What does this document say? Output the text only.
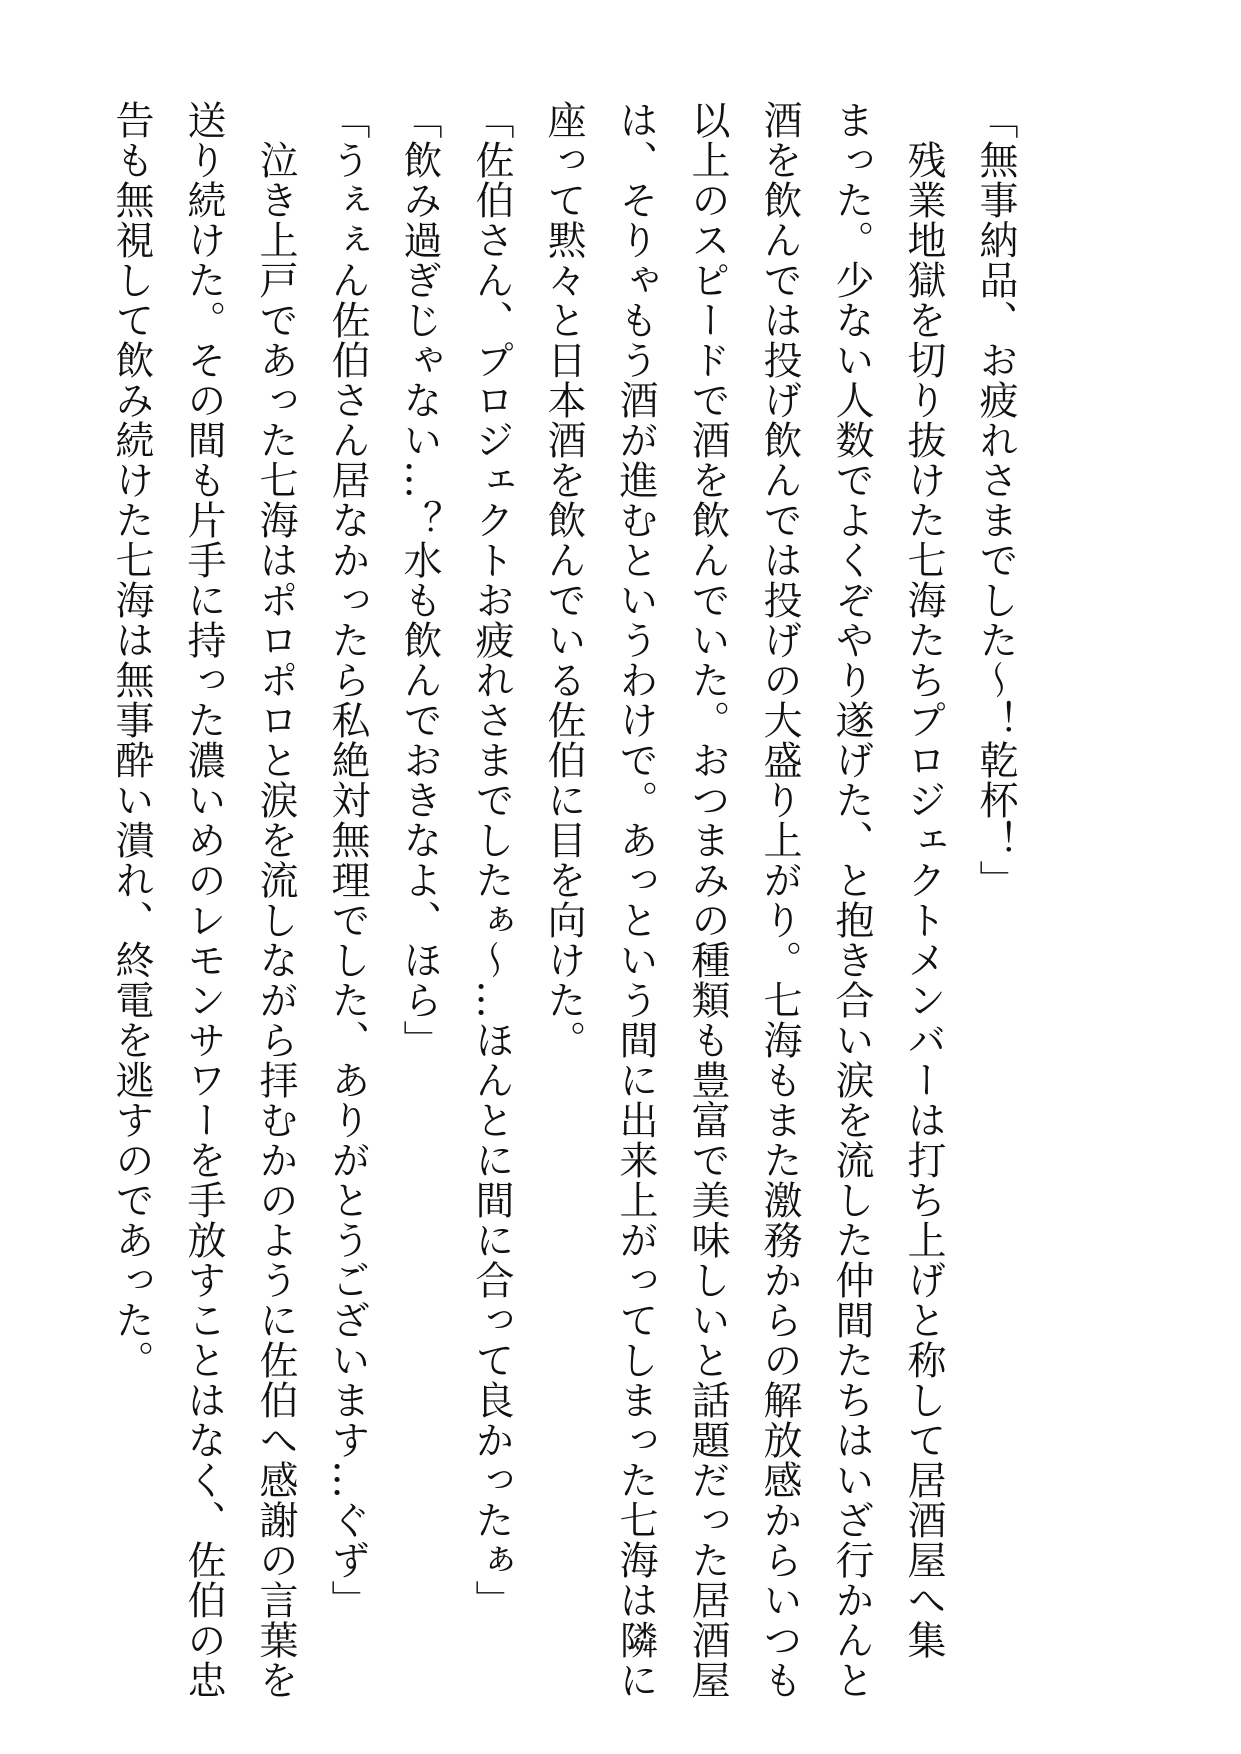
「無事納品、お疲れさまでした～！乾杯！」

　残業地獄を切り抜けた七海たちプロジェクトメンバーは打ち上げと称して居酒屋へ集

まった。少ない人数でよくぞやり遂げた、と抱き合い涙を流した仲間たちはいざ行かんと

酒を飲んでは投げ飲んでは投げの大盛り上がり。七海もまた激務からの解放感からいつも

以上のスピードで酒を飲んでいた。おつまみの種類も豊富で美味しいと話題だった居酒屋

は、そりゃもう酒が進むというわけで。あっという間に出来上がってしまった七海は隣に

座って黙々と日本酒を飲んでいる佐伯に目を向けた。

「佐伯さん、プロジェクトお疲れさまでしたぁ～…ほんとに間に合って良かったぁ」

「飲み過ぎじゃない…？水も飲んでおきなよ、ほら」

「うぇぇん佐伯さん居なかったら私絶対無理でした、ありがとうございます…ぐず」

　泣き上戸であった七海はポロポロと涙を流しながら拝むかのように佐伯へ感謝の言葉を

送り続けた。その間も片手に持った濃いめのレモンサワーを手放すことはなく、佐伯の忠

告も無視して飲み続けた七海は無事酔い潰れ、終電を逃すのであった。
